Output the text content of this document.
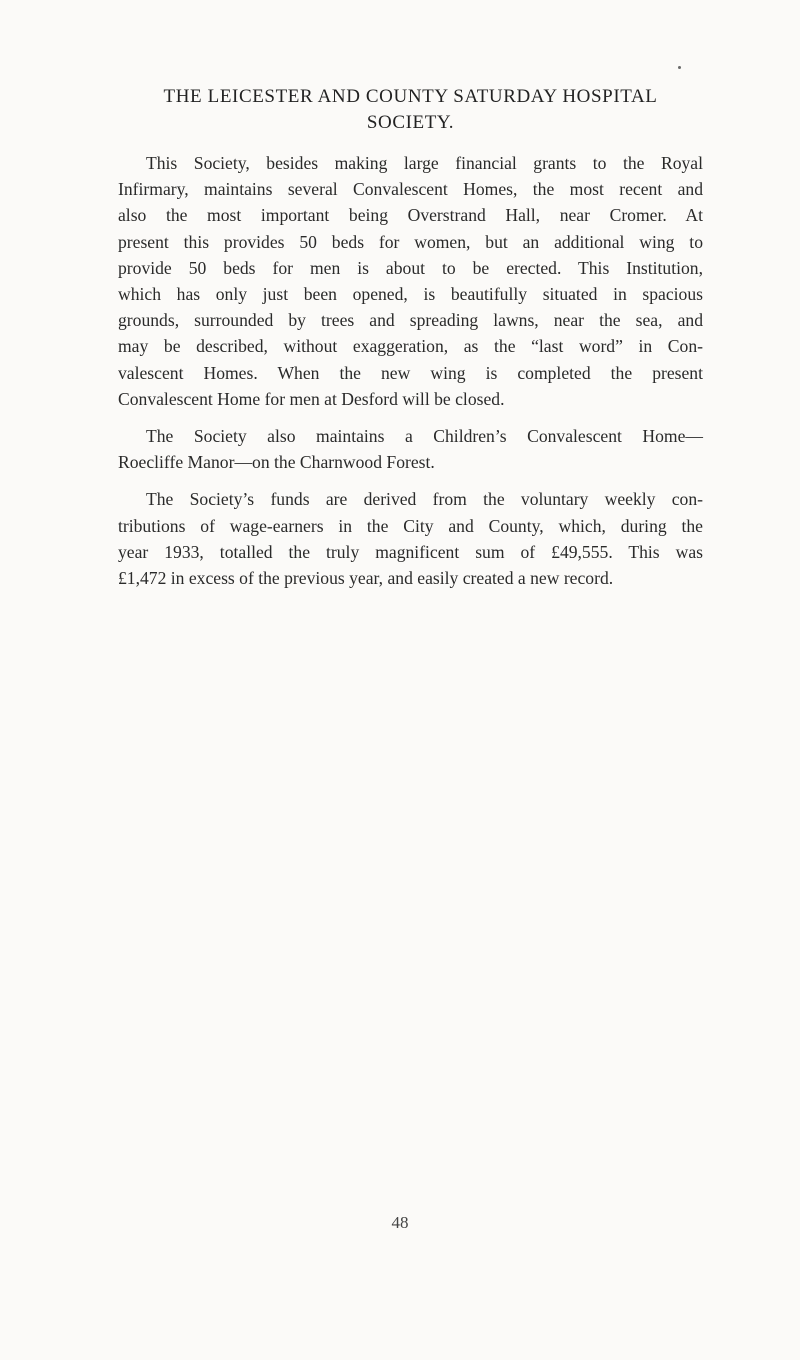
THE LEICESTER AND COUNTY SATURDAY HOSPITAL
SOCIETY.
This Society, besides making large financial grants to the Royal
Infirmary, maintains several Convalescent Homes, the most recent and
also the most important being Overstrand Hall, near Cromer. At
present this provides 50 beds for women, but an additional wing to
provide 50 beds for men is about to be erected. This Institution,
which has only just been opened, is beautifully situated in spacious
grounds, surrounded by trees and spreading lawns, near the sea, and
may be described, without exaggeration, as the “last word” in Con-
valescent Homes. When the new wing is completed the present
Convalescent Home for men at Desford will be closed.
The Society also maintains a Children’s Convalescent Home—
Roecliffe Manor—on the Charnwood Forest.
The Society’s funds are derived from the voluntary weekly con-
tributions of wage-earners in the City and County, which, during the
year 1933, totalled the truly magnificent sum of £49,555. This was
£1,472 in excess of the previous year, and easily created a new record.
48
